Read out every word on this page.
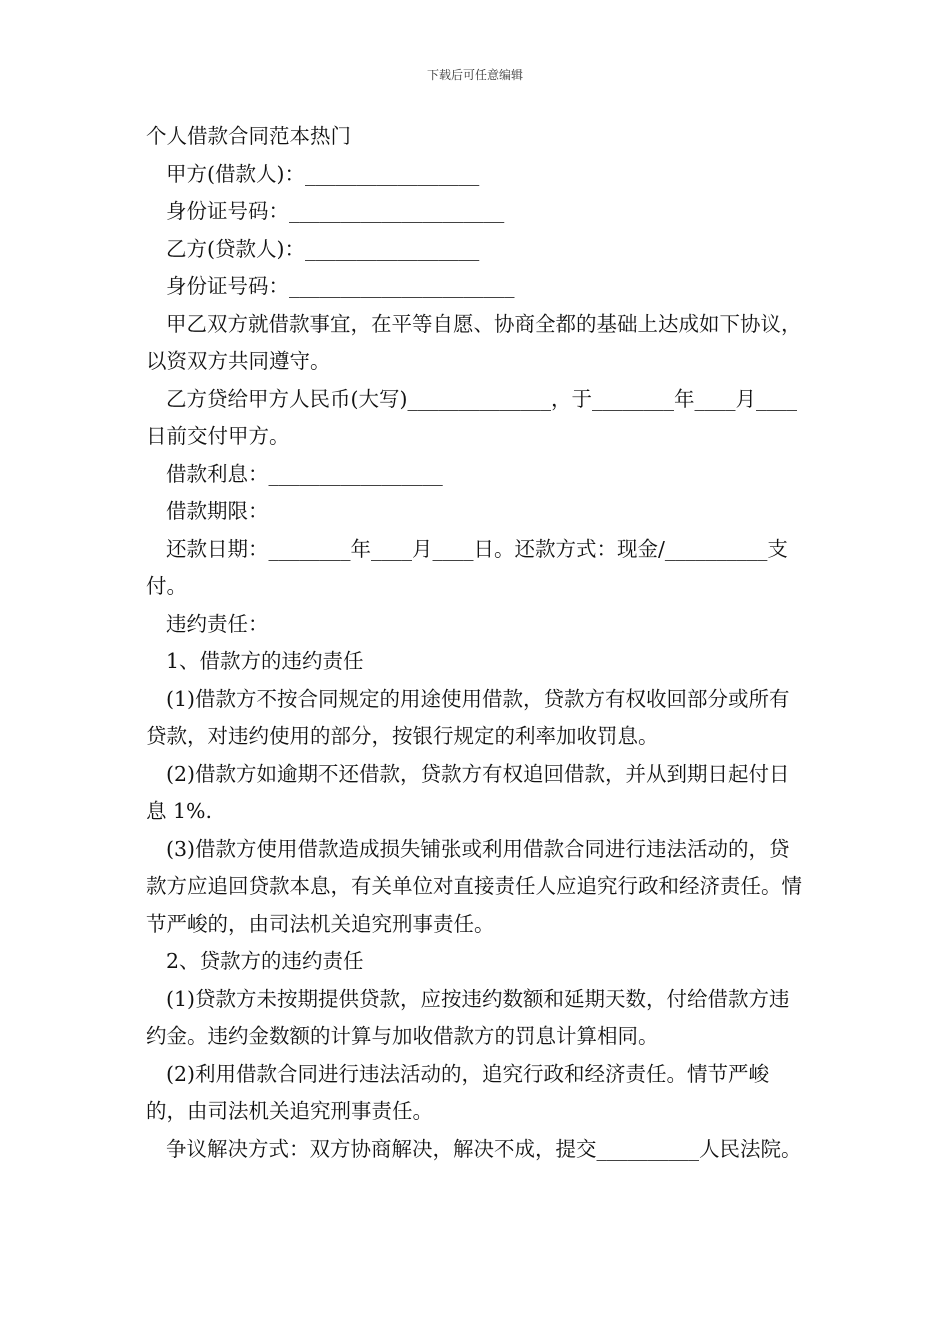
下载后可任意编辑

个人借款合同范本热门

甲方(借款人)：_________________

身份证号码：_____________________

乙方(贷款人)：_________________

身份证号码：______________________

甲乙双方就借款事宜，在平等自愿、协商全都的基础上达成如下协议，以资双方共同遵守。

乙方贷给甲方人民币(大写)______________，于________年____月____日前交付甲方。

借款利息：_________________

借款期限：

还款日期：________年____月____日。还款方式：现金/__________支付。

违约责任：

1、借款方的违约责任

(1)借款方不按合同规定的用途使用借款，贷款方有权收回部分或所有贷款，对违约使用的部分，按银行规定的利率加收罚息。

(2)借款方如逾期不还借款，贷款方有权追回借款，并从到期日起付日息 1%.

(3)借款方使用借款造成损失铺张或利用借款合同进行违法活动的，贷款方应追回贷款本息，有关单位对直接责任人应追究行政和经济责任。情节严峻的，由司法机关追究刑事责任。

2、贷款方的违约责任

(1)贷款方未按期提供贷款，应按违约数额和延期天数，付给借款方违约金。违约金数额的计算与加收借款方的罚息计算相同。

(2)利用借款合同进行违法活动的，追究行政和经济责任。情节严峻的，由司法机关追究刑事责任。

争议解决方式：双方协商解决，解决不成，提交__________人民法院。
